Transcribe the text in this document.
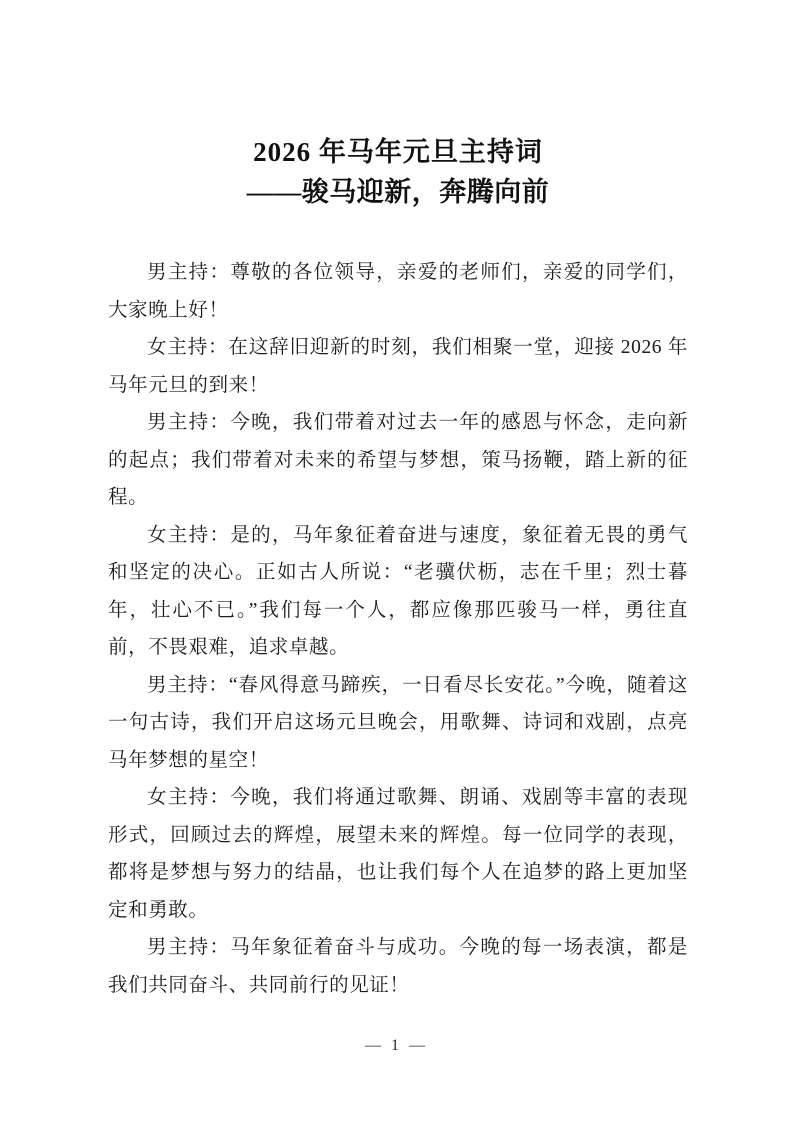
2026 年马年元旦主持词
——骏马迎新，奔腾向前

男主持：尊敬的各位领导，亲爱的老师们，亲爱的同学们，大家晚上好！

女主持：在这辞旧迎新的时刻，我们相聚一堂，迎接 2026 年马年元旦的到来！

男主持：今晚，我们带着对过去一年的感恩与怀念，走向新的起点；我们带着对未来的希望与梦想，策马扬鞭，踏上新的征程。

女主持：是的，马年象征着奋进与速度，象征着无畏的勇气和坚定的决心。正如古人所说：“老骥伏枥，志在千里；烈士暮年，壮心不已。”我们每一个人，都应像那匹骏马一样，勇往直前，不畏艰难，追求卓越。

男主持：“春风得意马蹄疾，一日看尽长安花。”今晚，随着这一句古诗，我们开启这场元旦晚会，用歌舞、诗词和戏剧，点亮马年梦想的星空！

女主持：今晚，我们将通过歌舞、朗诵、戏剧等丰富的表现形式，回顾过去的辉煌，展望未来的辉煌。每一位同学的表现，都将是梦想与努力的结晶，也让我们每个人在追梦的路上更加坚定和勇敢。

男主持：马年象征着奋斗与成功。今晚的每一场表演，都是我们共同奋斗、共同前行的见证！

— 1 —
